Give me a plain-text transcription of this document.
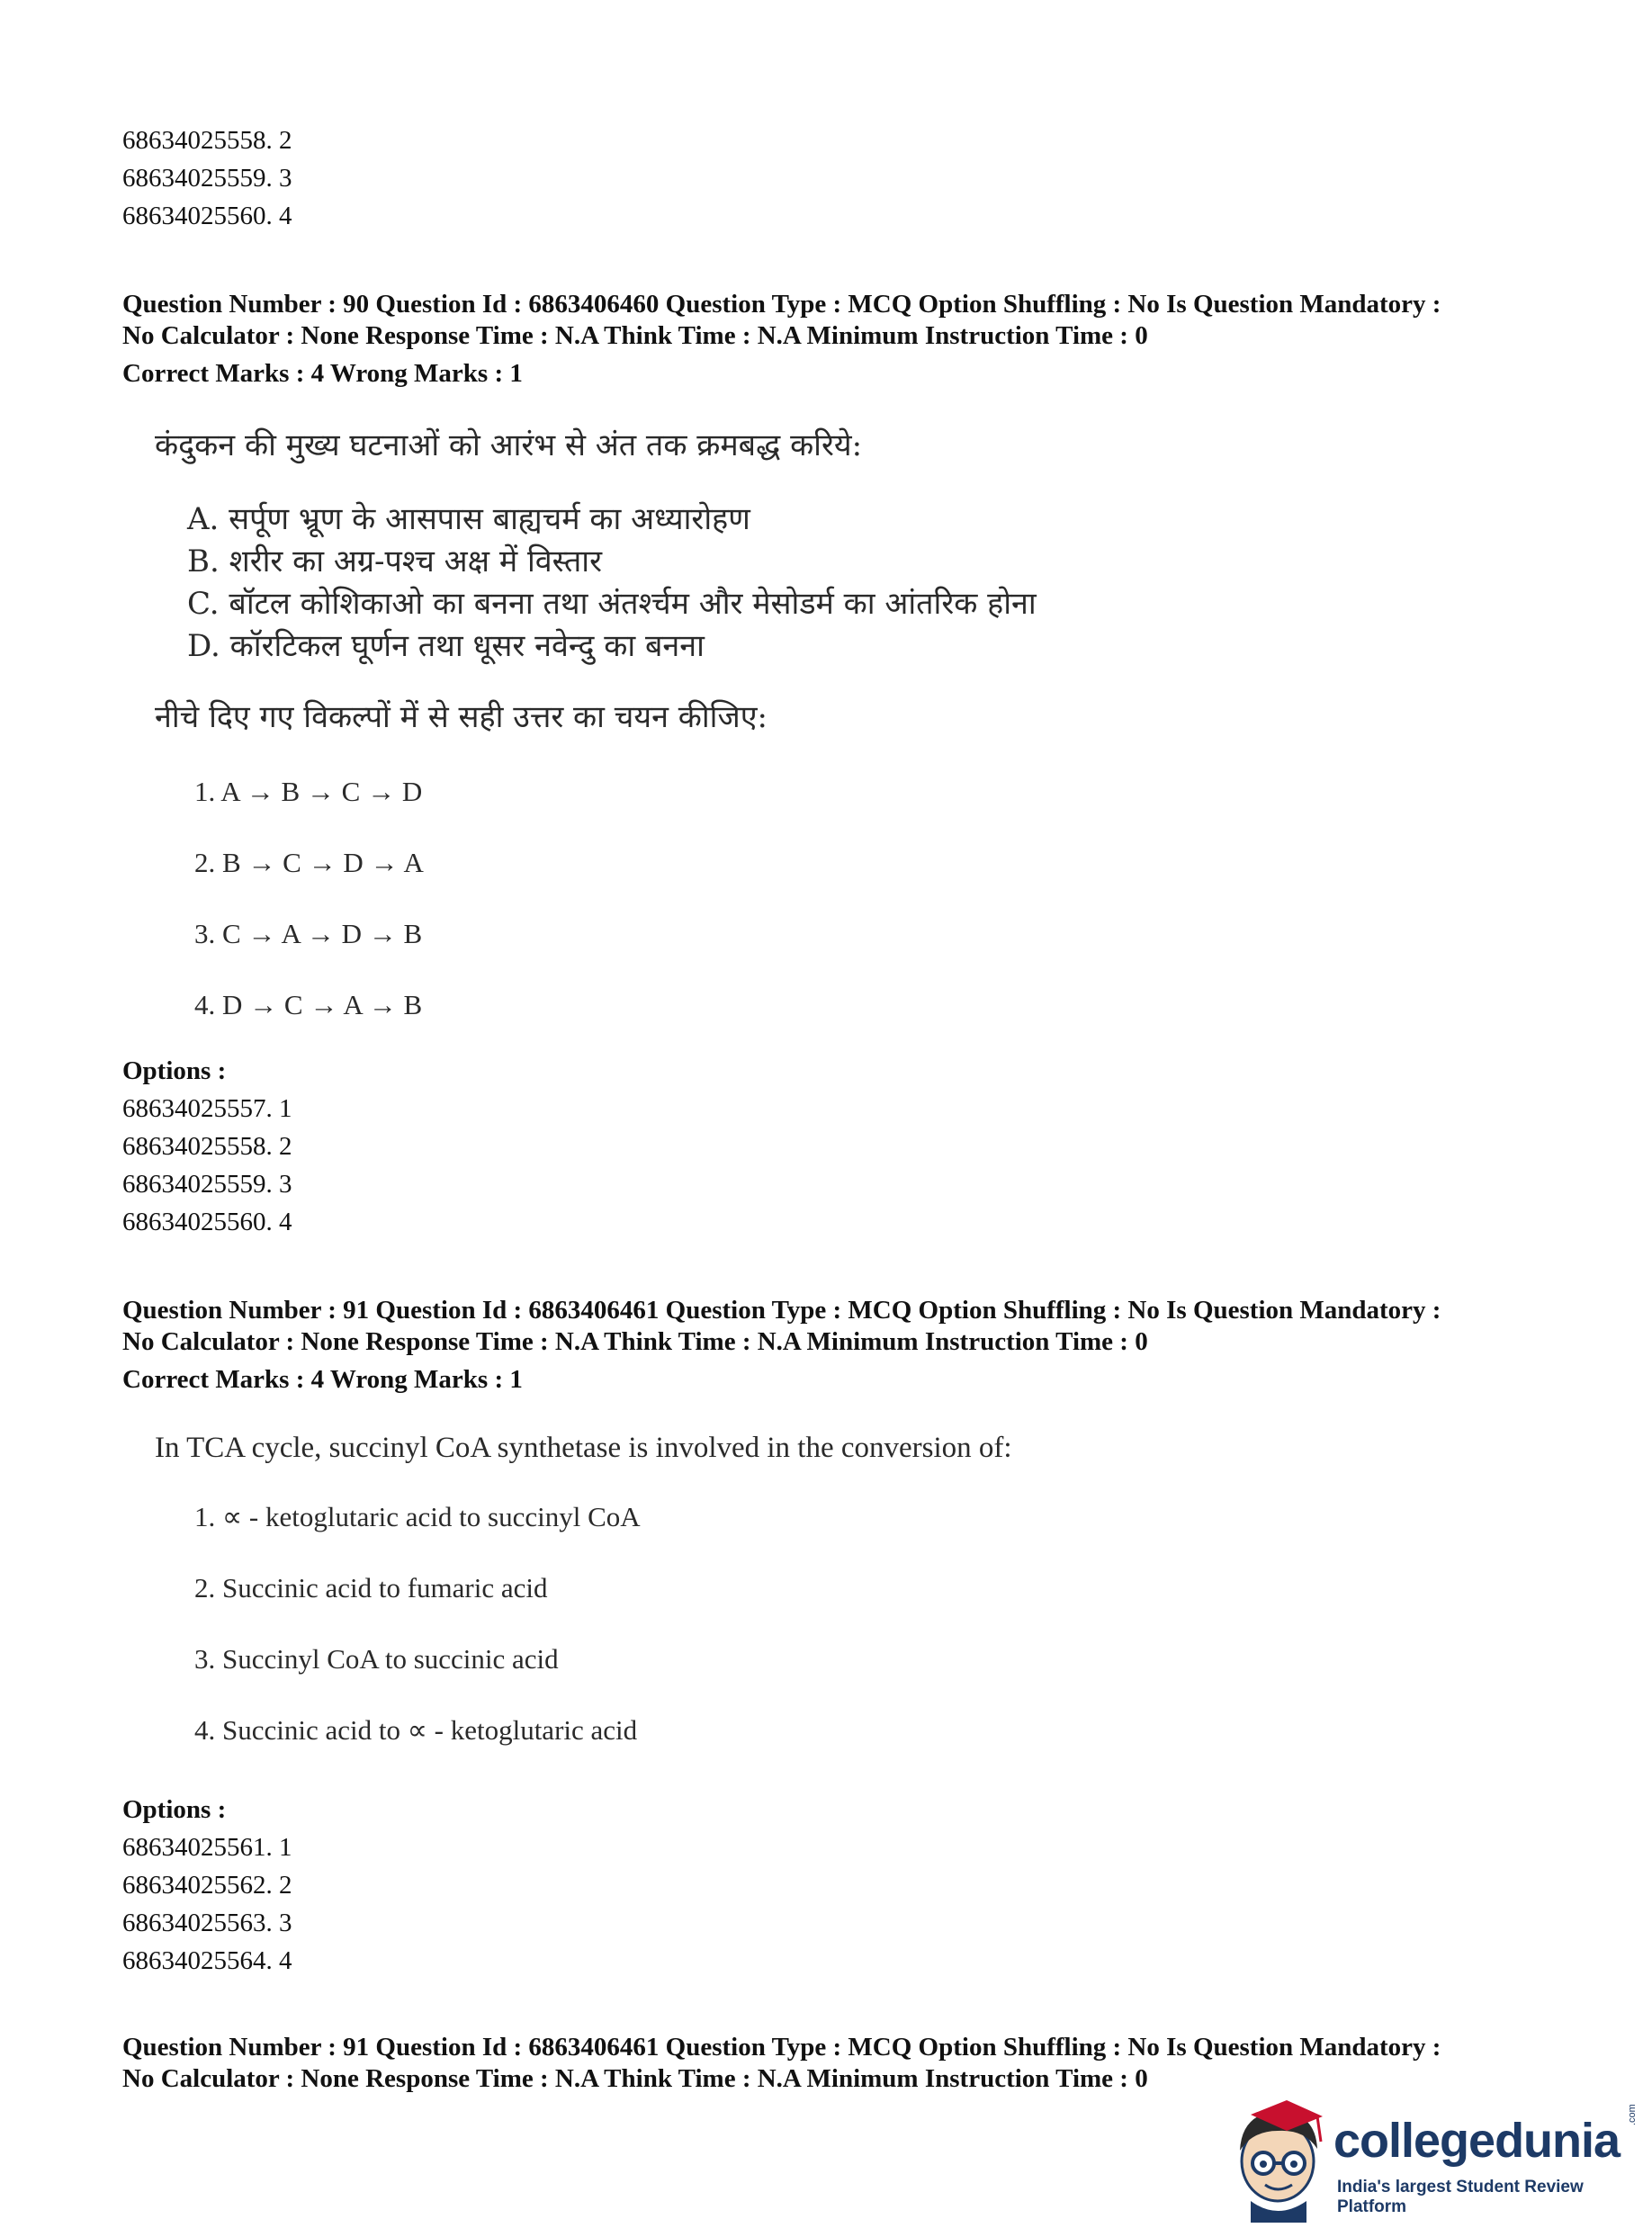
68634025558. 2
68634025559. 3
68634025560. 4
Question Number : 90 Question Id : 6863406460 Question Type : MCQ Option Shuffling : No Is Question Mandatory :
No Calculator : None Response Time : N.A Think Time : N.A Minimum Instruction Time : 0
Correct Marks : 4 Wrong Marks : 1
कंदुकन की मुख्य घटनाओं को आरंभ से अंत तक क्रमबद्ध करिये:
A. सर्पूण भ्रूण के आसपास बाह्यचर्म का अध्यारोहण
B. शरीर का अग्र-पश्च अक्ष में विस्तार
C. बॉटल कोशिकाओ का बनना तथा अंतर्श्चम और मेसोडर्म का आंतरिक होना
D. कॉरटिकल घूर्णन तथा धूसर नवेन्दु का बनना
नीचे दिए गए विकल्पों में से सही उत्तर का चयन कीजिए:
1. A → B → C → D
2. B → C → D → A
3. C → A → D → B
4. D → C → A → B
Options :
68634025557. 1
68634025558. 2
68634025559. 3
68634025560. 4
Question Number : 91 Question Id : 6863406461 Question Type : MCQ Option Shuffling : No Is Question Mandatory :
No Calculator : None Response Time : N.A Think Time : N.A Minimum Instruction Time : 0
Correct Marks : 4 Wrong Marks : 1
In TCA cycle, succinyl CoA synthetase is involved in the conversion of:
1. ∝ - ketoglutaric acid to succinyl CoA
2. Succinic acid to fumaric acid
3. Succinyl CoA to succinic acid
4. Succinic acid to ∝ - ketoglutaric acid
Options :
68634025561. 1
68634025562. 2
68634025563. 3
68634025564. 4
Question Number : 91 Question Id : 6863406461 Question Type : MCQ Option Shuffling : No Is Question Mandatory :
No Calculator : None Response Time : N.A Think Time : N.A Minimum Instruction Time : 0
collegedunia .com
India's largest Student Review Platform
